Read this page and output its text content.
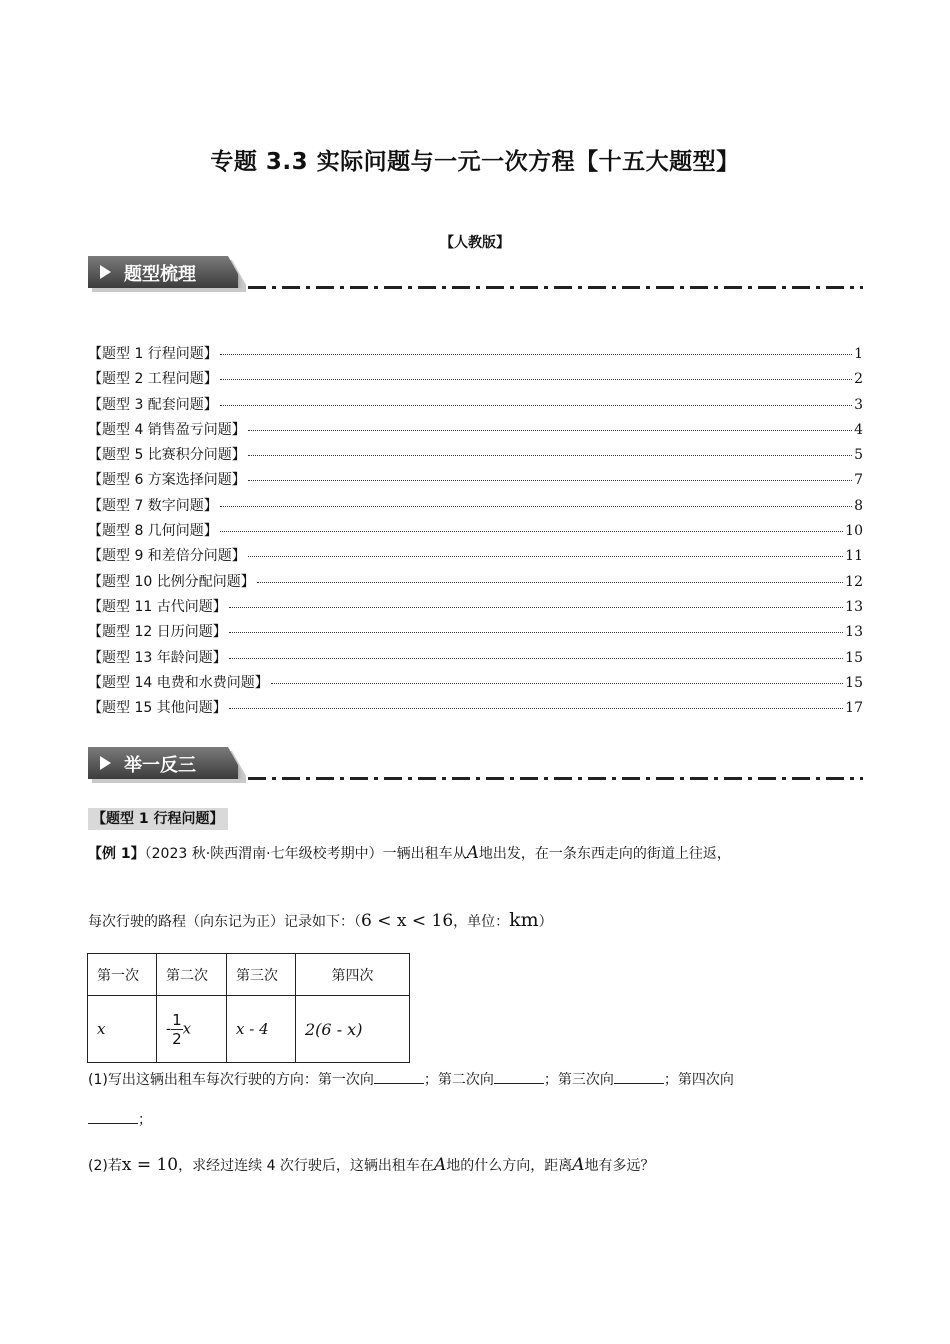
专题 3.3 实际问题与一元一次方程【十五大题型】
【人教版】
题型梳理
【题型 1 行程问题】	1
【题型 2 工程问题】	2
【题型 3 配套问题】	3
【题型 4 销售盈亏问题】	4
【题型 5 比赛积分问题】	5
【题型 6 方案选择问题】	7
【题型 7 数字问题】	8
【题型 8 几何问题】	10
【题型 9 和差倍分问题】	11
【题型 10 比例分配问题】	12
【题型 11 古代问题】	13
【题型 12 日历问题】	13
【题型 13 年龄问题】	15
【题型 14 电费和水费问题】	15
【题型 15 其他问题】	17
举一反三
【题型 1 行程问题】
【例 1】（2023 秋·陕西渭南·七年级校考期中）一辆出租车从A地出发，在一条东西走向的街道上往返，
每次行驶的路程（向东记为正）记录如下：（6 < x < 16，单位：km）
第一次	第二次	第三次	第四次
x	- $\frac{1}{2}$ x	x - 4	2(6 - x)
(1)写出这辆出租车每次行驶的方向：第一次向	；第二次向	；第三次向	；第四次向
；
(2)若x = 10，求经过连续 4 次行驶后，这辆出租车在A地的什么方向，距离A地有多远？
